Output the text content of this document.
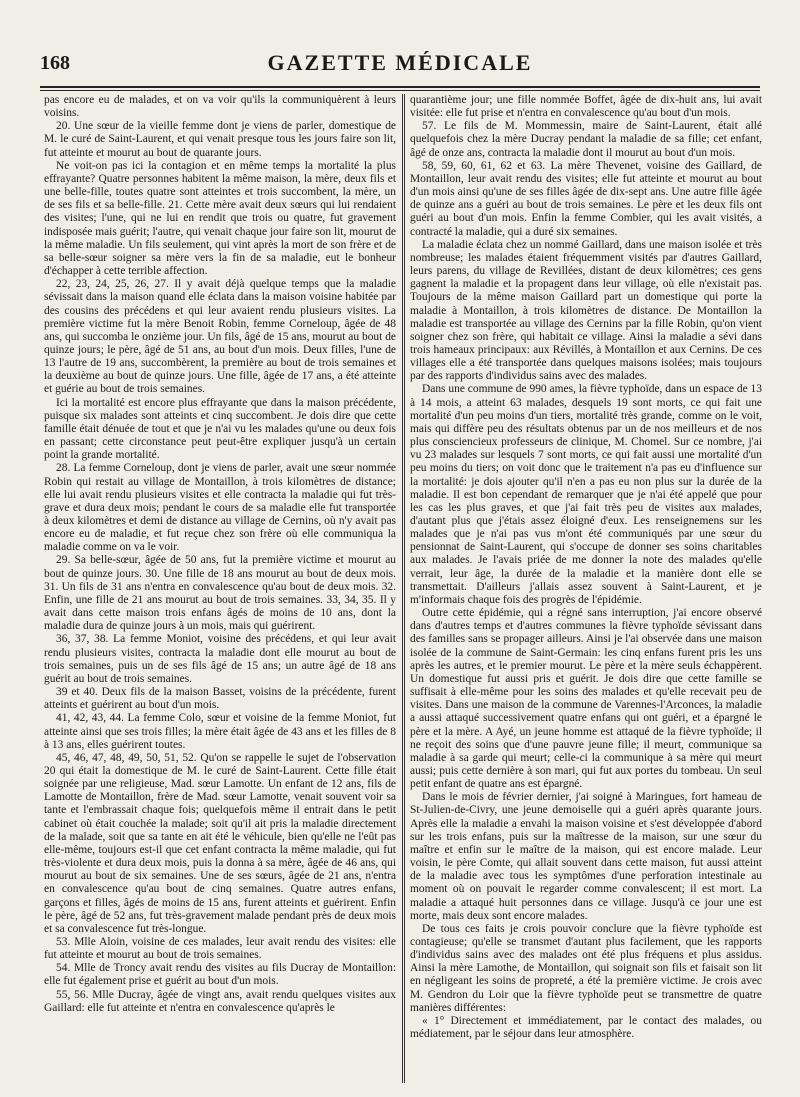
168	GAZETTE MÉDICALE

pas encore eu de malades, et on va voir qu'ils la communiquèrent à leurs voisins.

20. Une sœur de la vieille femme dont je viens de parler, domestique de M. le curé de Saint-Laurent, et qui venait presque tous les jours faire son lit, fut atteinte et mourut au bout de quarante jours.

Ne voit-on pas ici la contagion et en même temps la mortalité la plus effrayante? Quatre personnes habitent la même maison, la mère, deux fils et une belle-fille, toutes quatre sont atteintes et trois succombent, la mère, un de ses fils et sa belle-fille. 21. Cette mère avait deux sœurs qui lui rendaient des visites; l'une, qui ne lui en rendit que trois ou quatre, fut gravement indisposée mais guérit; l'autre, qui venait chaque jour faire son lit, mourut de la même maladie. Un fils seulement, qui vint après la mort de son frère et de sa belle-sœur soigner sa mère vers la fin de sa maladie, eut le bonheur d'échapper à cette terrible affection.

22, 23, 24, 25, 26, 27. Il y avait déjà quelque temps que la maladie sévissait dans la maison quand elle éclata dans la maison voisine habitée par des cousins des précédens et qui leur avaient rendu plusieurs visites. La première victime fut la mère Benoit Robin, femme Corneloup, âgée de 48 ans, qui succomba le onzième jour. Un fils, âgé de 15 ans, mourut au bout de quinze jours; le père, âgé de 51 ans, au bout d'un mois. Deux filles, l'une de 13 l'autre de 19 ans, succombèrent, la première au bout de trois semaines et la deuxième au bout de quinze jours. Une fille, âgée de 17 ans, a été atteinte et guérie au bout de trois semaines.

Ici la mortalité est encore plus effrayante que dans la maison précédente, puisque six malades sont atteints et cinq succombent. Je dois dire que cette famille était dénuée de tout et que je n'ai vu les malades qu'une ou deux fois en passant; cette circonstance peut peut-être expliquer jusqu'à un certain point la grande mortalité.

28. La femme Corneloup, dont je viens de parler, avait une sœur nommée Robin qui restait au village de Montaillon, à trois kilomètres de distance; elle lui avait rendu plusieurs visites et elle contracta la maladie qui fut très-grave et dura deux mois; pendant le cours de sa maladie elle fut transportée à deux kilomètres et demi de distance au village de Cernins, où n'y avait pas encore eu de maladie, et fut reçue chez son frère où elle communiqua la maladie comme on va le voir.

29. Sa belle-sœur, âgée de 50 ans, fut la première victime et mourut au bout de quinze jours. 30. Une fille de 18 ans mourut au bout de deux mois. 31. Un fils de 31 ans n'entra en convalescence qu'au bout de deux mois. 32. Enfin, une fille de 21 ans mourut au bout de trois semaines. 33, 34, 35. Il y avait dans cette maison trois enfans âgés de moins de 10 ans, dont la maladie dura de quinze jours à un mois, mais qui guérirent.

36, 37, 38. La femme Moniot, voisine des précédens, et qui leur avait rendu plusieurs visites, contracta la maladie dont elle mourut au bout de trois semaines, puis un de ses fils âgé de 15 ans; un autre âgé de 18 ans guérit au bout de trois semaines.

39 et 40. Deux fils de la maison Basset, voisins de la précédente, furent atteints et guérirent au bout d'un mois.

41, 42, 43, 44. La femme Colo, sœur et voisine de la femme Moniot, fut atteinte ainsi que ses trois filles; la mère était âgée de 43 ans et les filles de 8 à 13 ans, elles guérirent toutes.

45, 46, 47, 48, 49, 50, 51, 52. Qu'on se rappelle le sujet de l'observation 20 qui était la domestique de M. le curé de Saint-Laurent. Cette fille était soignée par une religieuse, Mad. sœur Lamotte. Un enfant de 12 ans, fils de Lamotte de Montaillon, frère de Mad. sœur Lamotte, venait souvent voir sa tante et l'embrassait chaque fois; quelquefois même il entrait dans le petit cabinet où était couchée la malade; soit qu'il ait pris la maladie directement de la malade, soit que sa tante en ait été le véhicule, bien qu'elle ne l'eût pas elle-même, toujours est-il que cet enfant contracta la même maladie, qui fut très-violente et dura deux mois, puis la donna à sa mère, âgée de 46 ans, qui mourut au bout de six semaines. Une de ses sœurs, âgée de 21 ans, n'entra en convalescence qu'au bout de cinq semaines. Quatre autres enfans, garçons et filles, âgés de moins de 15 ans, furent atteints et guérirent. Enfin le père, âgé de 52 ans, fut très-gravement malade pendant près de deux mois et sa convalescence fut très-longue.

53. Mlle Aloin, voisine de ces malades, leur avait rendu des visites: elle fut atteinte et mourut au bout de trois semaines.

54. Mlle de Troncy avait rendu des visites au fils Ducray de Montaillon: elle fut également prise et guérit au bout d'un mois.

55, 56. Mlle Ducray, âgée de vingt ans, avait rendu quelques visites aux Gaillard: elle fut atteinte et n'entra en convalescence qu'après le

quarantième jour; une fille nommée Boffet, âgée de dix-huit ans, lui avait visitée: elle fut prise et n'entra en convalescence qu'au bout d'un mois.

57. Le fils de M. Mommessin, maire de Saint-Laurent, était allé quelquefois chez la mère Ducray pendant la maladie de sa fille; cet enfant, âgé de onze ans, contracta la maladie dont il mourut au bout d'un mois.

58, 59, 60, 61, 62 et 63. La mère Thevenet, voisine des Gaillard, de Montaillon, leur avait rendu des visites; elle fut atteinte et mourut au bout d'un mois ainsi qu'une de ses filles âgée de dix-sept ans. Une autre fille âgée de quinze ans a guéri au bout de trois semaines. Le père et les deux fils ont guéri au bout d'un mois. Enfin la femme Combier, qui les avait visités, a contracté la maladie, qui a duré six semaines.

La maladie éclata chez un nommé Gaillard, dans une maison isolée et très nombreuse; les malades étaient fréquemment visités par d'autres Gaillard, leurs parens, du village de Revillées, distant de deux kilomètres; ces gens gagnent la maladie et la propagent dans leur village, où elle n'existait pas. Toujours de la même maison Gaillard part un domestique qui porte la maladie à Montaillon, à trois kilomètres de distance. De Montaillon la maladie est transportée au village des Cernins par la fille Robin, qu'on vient soigner chez son frère, qui habitait ce village. Ainsi la maladie a sévi dans trois hameaux principaux: aux Révillés, à Montaillon et aux Cernins. De ces villages elle a été transportée dans quelques maisons isolées; mais toujours par des rapports d'individus sains avec des malades.

Dans une commune de 990 ames, la fièvre typhoïde, dans un espace de 13 à 14 mois, a atteint 63 malades, desquels 19 sont morts, ce qui fait une mortalité d'un peu moins d'un tiers, mortalité très grande, comme on le voit, mais qui diffère peu des résultats obtenus par un de nos meilleurs et de nos plus consciencieux professeurs de clinique, M. Chomel. Sur ce nombre, j'ai vu 23 malades sur lesquels 7 sont morts, ce qui fait aussi une mortalité d'un peu moins du tiers; on voit donc que le traitement n'a pas eu d'influence sur la mortalité: je dois ajouter qu'il n'en a pas eu non plus sur la durée de la maladie. Il est bon cependant de remarquer que je n'ai été appelé que pour les cas les plus graves, et que j'ai fait très peu de visites aux malades, d'autant plus que j'étais assez éloigné d'eux. Les renseignemens sur les malades que je n'ai pas vus m'ont été communiqués par une sœur du pensionnat de Saint-Laurent, qui s'occupe de donner ses soins charitables aux malades. Je l'avais priée de me donner la note des malades qu'elle verrait, leur âge, la durée de la maladie et la manière dont elle se transmettait. D'ailleurs j'allais assez souvent à Saint-Laurent, et je m'informais chaque fois des progrès de l'épidémie.

Outre cette épidémie, qui a régné sans interruption, j'ai encore observé dans d'autres temps et d'autres communes la fièvre typhoïde sévissant dans des familles sans se propager ailleurs. Ainsi je l'ai observée dans une maison isolée de la commune de Saint-Germain: les cinq enfans furent pris les uns après les autres, et le premier mourut. Le père et la mère seuls échappèrent. Un domestique fut aussi pris et guérit. Je dois dire que cette famille se suffisait à elle-même pour les soins des malades et qu'elle recevait peu de visites. Dans une maison de la commune de Varennes-l'Arconces, la maladie a aussi attaqué successivement quatre enfans qui ont guéri, et a épargné le père et la mère. A Ayé, un jeune homme est attaqué de la fièvre typhoïde; il ne reçoit des soins que d'une pauvre jeune fille; il meurt, communique sa maladie à sa garde qui meurt; celle-ci la communique à sa mère qui meurt aussi; puis cette dernière à son mari, qui fut aux portes du tombeau. Un seul petit enfant de quatre ans est épargné.

Dans le mois de février dernier, j'ai soigné à Maringues, fort hameau de St-Julien-de-Civry, une jeune demoiselle qui a guéri après quarante jours. Après elle la maladie a envahi la maison voisine et s'est développée d'abord sur les trois enfans, puis sur la maîtresse de la maison, sur une sœur du maître et enfin sur le maître de la maison, qui est encore malade. Leur voisin, le père Comte, qui allait souvent dans cette maison, fut aussi atteint de la maladie avec tous les symptômes d'une perforation intestinale au moment où on pouvait le regarder comme convalescent; il est mort. La maladie a attaqué huit personnes dans ce village. Jusqu'à ce jour une est morte, mais deux sont encore malades.

De tous ces faits je crois pouvoir conclure que la fièvre typhoïde est contagieuse; qu'elle se transmet d'autant plus facilement, que les rapports d'individus sains avec des malades ont été plus fréquens et plus assidus. Ainsi la mère Lamothe, de Montaillon, qui soignait son fils et faisait son lit en négligeant les soins de propreté, a été la première victime. Je crois avec M. Gendron du Loir que la fièvre typhoïde peut se transmettre de quatre manières différentes:

« 1° Directement et immédiatement, par le contact des malades, ou médiatement, par le séjour dans leur atmosphère.
